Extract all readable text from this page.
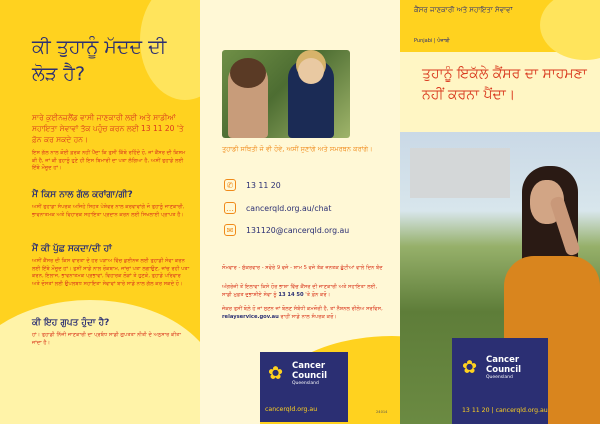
ਕੀ ਤੁਹਾਨੂੰ ਮੱਦਦ ਦੀ ਲੋੜ ਹੈ?

ਸਾਰੇ ਕੁਈਨਜ਼ਲੈਂਡ ਵਾਸੀ ਜਾਣਕਾਰੀ ਲਈ ਅਤੇ ਸਾਡੀਆਂ ਸਹਾਇਤਾ ਸੇਵਾਵਾਂ ਤੱਕ ਪਹੁੰਚ ਕਰਨ ਲਈ 13 11 20 'ਤੇ ਫ਼ੋਨ ਕਰ ਸਕਦੇ ਹਨ।

ਇਸ ਗੱਲ ਨਾਲ ਕੋਈ ਫ਼ਰਕ ਨਹੀਂ ਪੈਂਦਾ ਕਿ ਤੁਸੀਂ ਕਿੱਥੇ ਰਹਿੰਦੇ ਹੋ, ਜਾਂ ਕੈਂਸਰ ਦੀ ਕਿਸਮ ਕੀ ਹੈ, ਜਾਂ ਕੀ ਤੁਹਾਨੂੰ ਹੁਣੇ ਹੀ ਇਸ ਬਿਮਾਰੀ ਦਾ ਪਤਾ ਲੱਗਿਆ ਹੈ, ਅਸੀਂ ਤੁਹਾਡੇ ਲਈ ਇੱਥੇ ਮੌਜੂਦ ਹਾਂ।

ਮੈਂ ਕਿਸ ਨਾਲ ਗੱਲ ਕਰਾਂਗਾ/ਗੀ?

ਅਸੀਂ ਤੁਹਾਡਾ ਸੰਪਰਕ ਅਜਿਹੇ ਸਿਹਤ ਪੇਸ਼ੇਵਰ ਨਾਲ ਕਰਵਾਵਾਂਗੇ ਜੋ ਤੁਹਾਨੂੰ ਜਾਣਕਾਰੀ, ਭਾਵਨਾਤਮਕ ਅਤੇ ਵਿਹਾਰਕ ਸਹਾਇਤਾ ਪ੍ਰਦਾਨ ਕਰਨ ਲਈ ਸਿਖਲਾਈ ਪ੍ਰਾਪਤ ਹੈ।

ਮੈਂ ਕੀ ਪੁੱਛ ਸਕਦਾ/ਦੀ ਹਾਂ

ਅਸੀਂ ਕੈਂਸਰ ਦੀ ਕਿਸ ਵਾਰਤਾ ਦੇ ਹਰ ਪੜਾਅ ਵਿੱਚ ਕੁਈਨਜ਼ ਲਈ ਤੁਹਾਡੀ ਸੇਵਾ ਕਰਨ ਲਈ ਇੱਥੇ ਮੌਜੂਦ ਹਾਂ। ਤੁਸੀਂ ਸਾਡੇ ਨਾਲ ਰੋਕਥਾਮ, ਜਾਂਚਾਂ ਪਤਾ ਲਗਾਉਣ, ਜਾਂਚ ਰਹੀ ਪਤਾ ਕਰਨ, ਇਲਾਜ, ਭਾਵਨਾਤਮਕ ਪ੍ਰਭਾਵਾਂ, ਵਿਹਾਰਕ ਲੋੜਾਂ ਤੇ ਹੁਣਕੇ, ਤੁਹਾਡੇ ਪਰਿਵਾਰ ਅਤੇ ਦੋਸਤਾਂ ਲਈ ਉਪਲਬਧ ਸਹਾਇਤਾ ਸੇਵਾਵਾਂ ਬਾਰੇ ਸਾਡੇ ਨਾਲ ਗੱਲ ਕਰ ਸਕਦੇ ਹੋ।

ਕੀ ਇਹ ਗੁਪਤ ਹੁੰਦਾ ਹੈ?

ਹਾਂ। ਤੁਹਾਡੀ ਨਿੱਜੀ ਜਾਣਕਾਰੀ ਦਾ ਪ੍ਰਬੰਧ ਸਾਡੀ ਗੁਪਤਤਾ ਨੀਤੀ ਦੇ ਅਨੁਸਾਰ ਕੀਤਾ ਜਾਂਦਾ ਹੈ।

ਤੁਹਾਡੀ ਸਥਿਤੀ ਜੋ ਵੀ ਹੋਵੇ, ਅਸੀਂ ਸੁਣਾਂਗੇ ਅਤੇ ਸਮਰਥਨ ਕਰਾਂਗੇ।

✆	13 11 20
… cancerqld.org.au/chat
✉	131120@cancerqld.org.au

ਸੋਮਵਾਰ - ਸ਼ੁੱਕਰਵਾਰ - ਸਵੇਰੇ 9 ਵਜੇ - ਸ਼ਾਮ 5 ਵਜੇ ਤੱਕ ਜਨਤਕ ਛੁੱਟੀਆਂ ਵਾਲੇ ਦਿਨ ਬੰਦ

ਅੰਗਰੇਜ਼ੀ ਤੋਂ ਇਲਾਵਾ ਕਿਸੇ ਹੋਰ ਭਾਸ਼ਾ ਵਿੱਚ ਕੈਂਸਰ ਦੀ ਜਾਣਕਾਰੀ ਅਤੇ ਸਹਾਇਤਾ ਲਈ, ਸਾਡੀ ਮੁਫ਼ਤ ਦੁਭਾਸ਼ੀਏ ਸੇਵਾ ਨੂੰ 13 14 50 'ਤੇ ਫ਼ੋਨ ਕਰੋ।

ਜੇਕਰ ਤੁਸੀਂ ਬੋਲ਼ੇ ਹੋ ਜਾਂ ਸੁਣਨ ਜਾਂ ਬੋਲਣ ਸੰਬੰਧੀ ਕਮਜ਼ੋਰੀ ਹੈ, ਤਾਂ ਨੈਸ਼ਨਲ ਰੀਲੇਅ ਸਰਵਿਸ, relayservice.gov.au ਰਾਹੀਂ ਸਾਡੇ ਨਾਲ ਸੰਪਰਕ ਕਰੋ।

✿	Cancer
Council
Queensland
cancerqld.org.au	24014
ਕੈਂਸਰ ਜਾਣਕਾਰੀ ਅਤੇ ਸਹਾਇਤਾ ਸੇਵਾਵਾਂ
Punjabi | ਪੰਜਾਬੀ
ਤੁਹਾਨੂੰ ਇਕੱਲੇ ਕੈਂਸਰ ਦਾ ਸਾਹਮਣਾ ਨਹੀਂ ਕਰਨਾ ਪੈਂਦਾ।
✿	Cancer
Council
Queensland
13 11 20 | cancerqld.org.au
